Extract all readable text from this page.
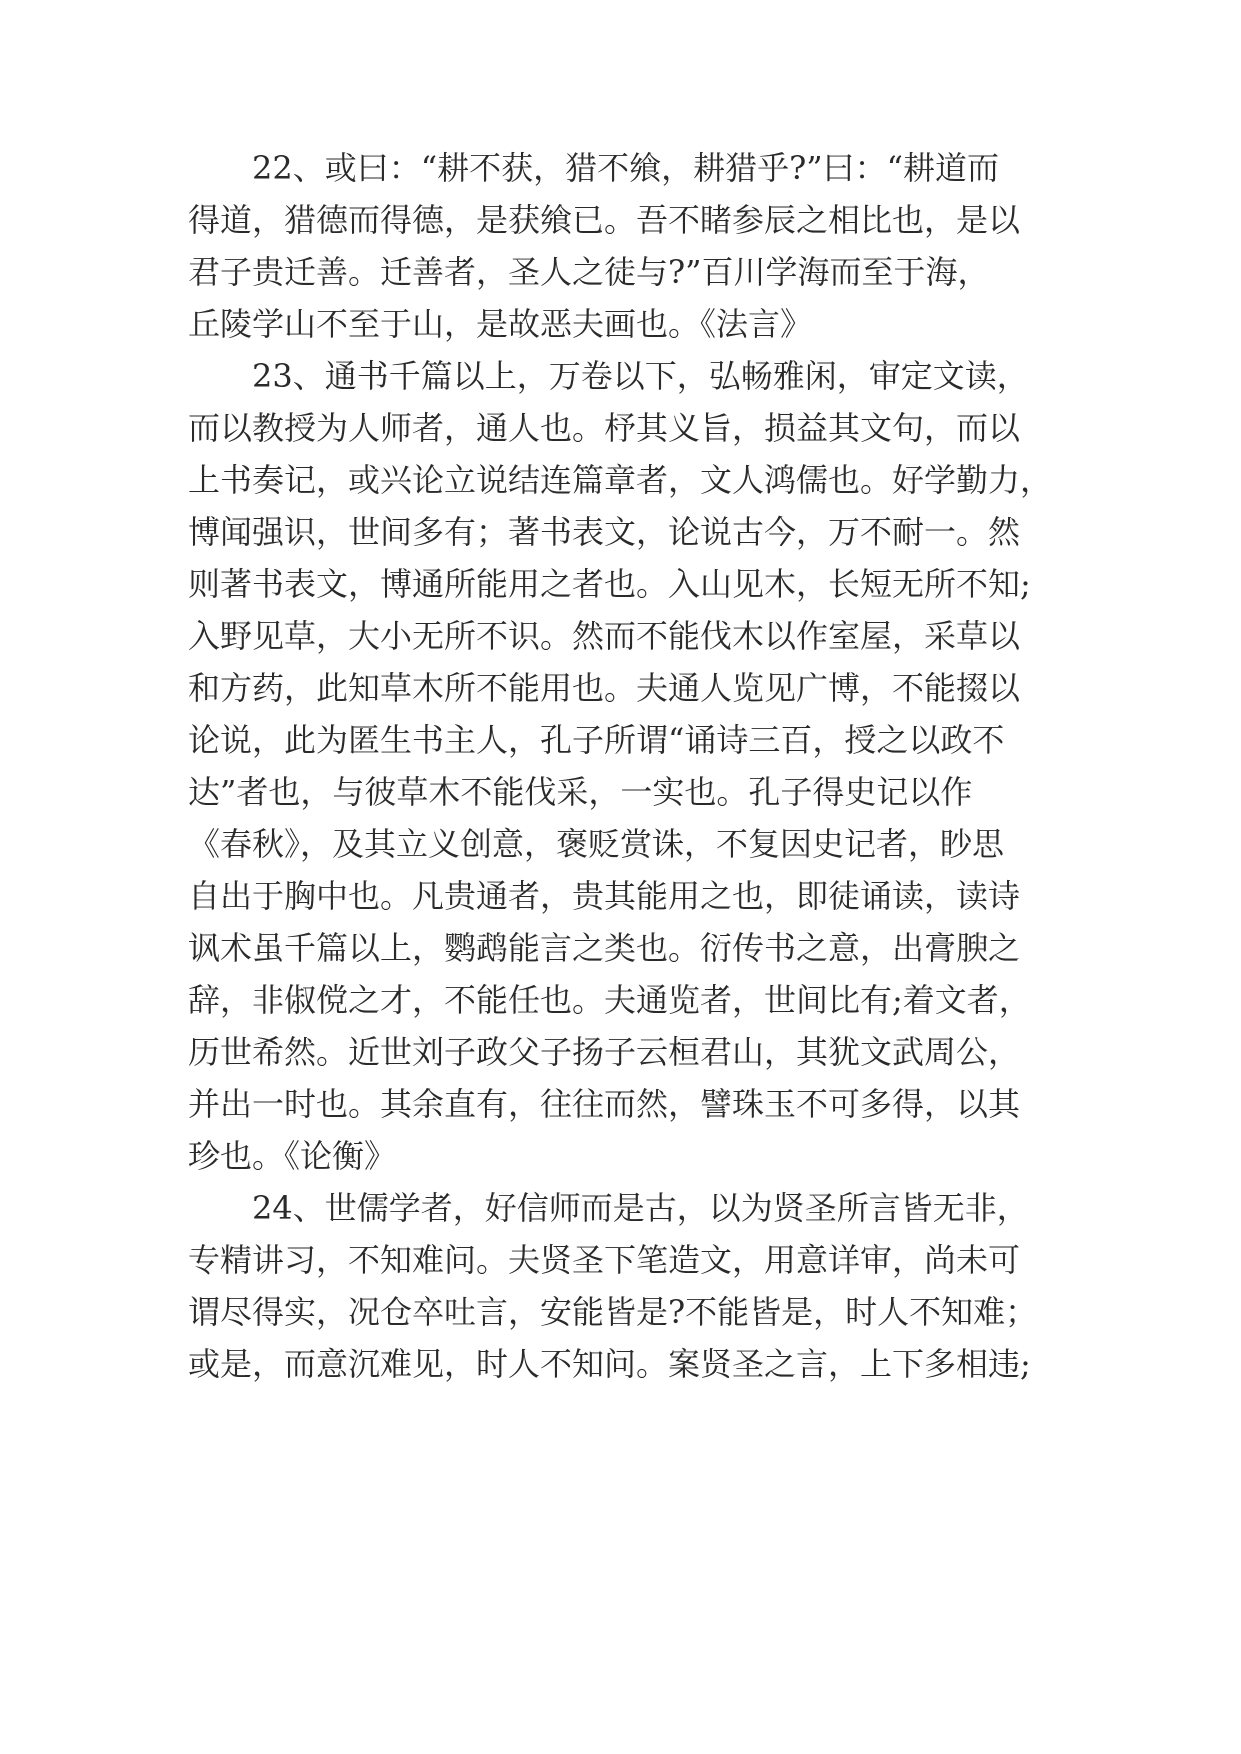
22、或曰：“耕不获，猎不飨，耕猎乎?”曰：“耕道而
得道，猎德而得德，是获飨已。吾不睹参辰之相比也，是以
君子贵迁善。迁善者，圣人之徒与?”百川学海而至于海，
丘陵学山不至于山，是故恶夫画也。《法言》
23、通书千篇以上，万卷以下，弘畅雅闲，审定文读，
而以教授为人师者，通人也。杼其义旨，损益其文句，而以
上书奏记，或兴论立说结连篇章者，文人鸿儒也。好学勤力，
博闻强识，世间多有；著书表文，论说古今，万不耐一。然
则著书表文，博通所能用之者也。入山见木，长短无所不知;
入野见草，大小无所不识。然而不能伐木以作室屋，采草以
和方药，此知草木所不能用也。夫通人览见广博，不能掇以
论说，此为匿生书主人，孔子所谓“诵诗三百，授之以政不
达”者也，与彼草木不能伐采，一实也。孔子得史记以作
《春秋》，及其立义创意，褒贬赏诛，不复因史记者，眇思
自出于胸中也。凡贵通者，贵其能用之也，即徒诵读，读诗
讽术虽千篇以上，鹦鹉能言之类也。衍传书之意，出膏腴之
辞，非俶傥之才，不能任也。夫通览者，世间比有;着文者，
历世希然。近世刘子政父子扬子云桓君山，其犹文武周公，
并出一时也。其余直有，往往而然，譬珠玉不可多得，以其
珍也。《论衡》
24、世儒学者，好信师而是古，以为贤圣所言皆无非，
专精讲习，不知难问。夫贤圣下笔造文，用意详审，尚未可
谓尽得实，况仓卒吐言，安能皆是?不能皆是，时人不知难；
或是，而意沉难见，时人不知问。案贤圣之言，上下多相违;
